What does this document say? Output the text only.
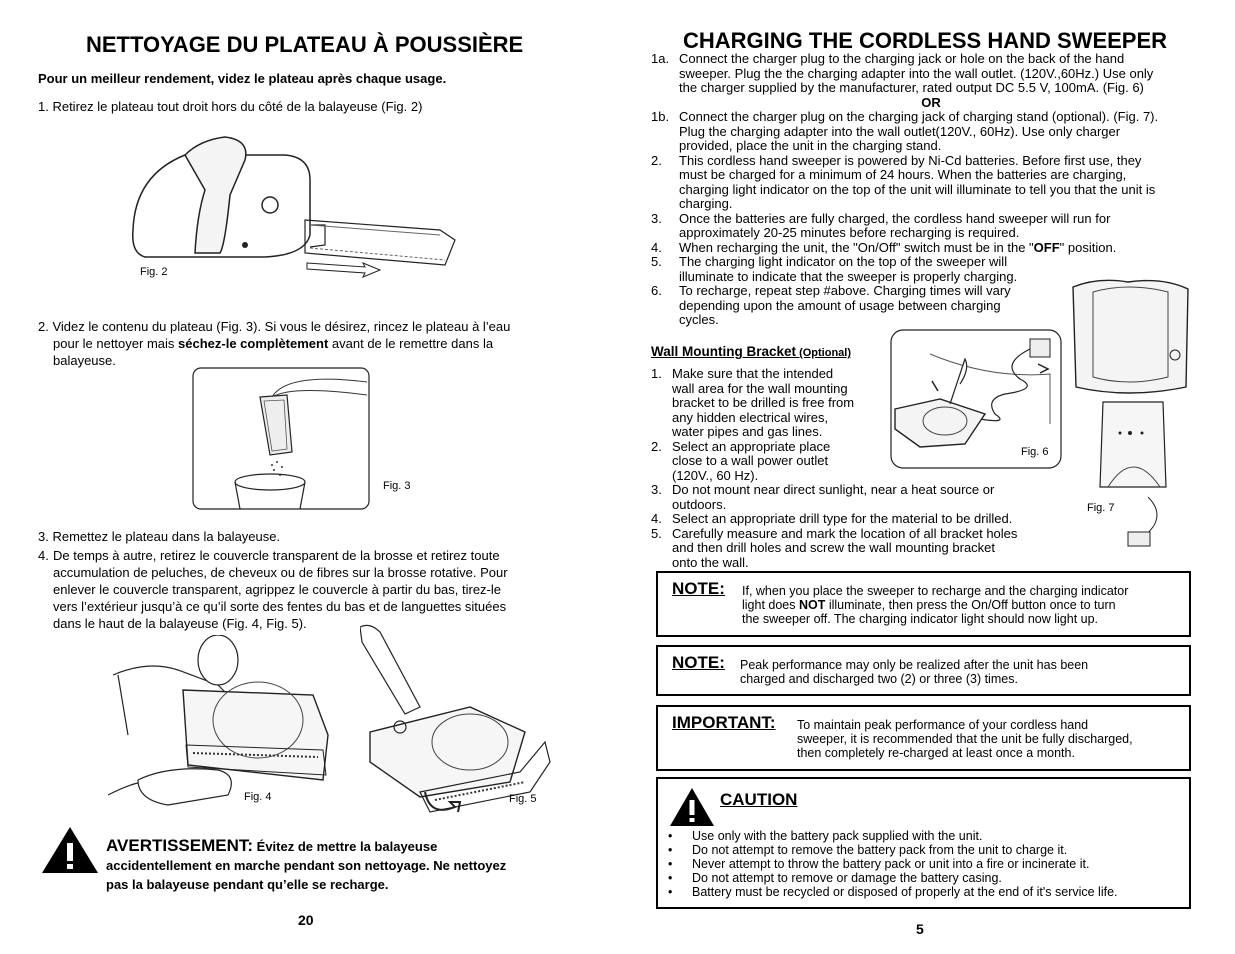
NETTOYAGE DU PLATEAU À POUSSIÈRE
Pour un meilleur rendement, videz le plateau après chaque usage.
1. Retirez le plateau tout droit hors du côté de la balayeuse (Fig. 2)
Fig. 2
2. Videz le contenu du plateau (Fig. 3). Si vous le désirez, rincez le plateau à l’eau
pour le nettoyer mais séchez-le complètement avant de le remettre dans la
balayeuse.
Fig. 3
3. Remettez le plateau dans la balayeuse.
4. De temps à autre, retirez le couvercle transparent de la brosse et retirez toute
accumulation de peluches, de cheveux ou de fibres sur la brosse rotative. Pour
enlever le couvercle transparent, agrippez le couvercle à partir du bas, tirez-le
vers l’extérieur jusqu’à ce qu’il sorte des fentes du bas et de languettes situées
dans le haut de la balayeuse (Fig. 4, Fig. 5).
Fig. 4	Fig. 5
AVERTISSEMENT: Évitez de mettre la balayeuse
accidentellement en marche pendant son nettoyage. Ne nettoyez
pas la balayeuse pendant qu’elle se recharge.
20
CHARGING THE CORDLESS HAND SWEEPER
1a. Connect the charger plug to the charging jack or hole on the back of the hand
sweeper. Plug the the charging adapter into the wall outlet. (120V.,60Hz.) Use only
the charger supplied by the manufacturer, rated output DC 5.5 V, 100mA. (Fig. 6)
OR
1b. Connect the charger plug on the charging jack of charging stand (optional). (Fig. 7).
Plug the charging adapter into the wall outlet(120V., 60Hz). Use only charger
provided, place the unit in the charging stand.
2.	This cordless hand sweeper is powered by Ni-Cd batteries. Before first use, they
must be charged for a minimum of 24 hours. When the batteries are charging,
charging light indicator on the top of the unit will illuminate to tell you that the unit is
charging.
3.	Once the batteries are fully charged, the cordless hand sweeper will run for
approximately 20-25 minutes before recharging is required.
4.	When recharging the unit, the "On/Off" switch must be in the "OFF" position.
5.	The charging light indicator on the top of the sweeper will
illuminate to indicate that the sweeper is properly charging.
6.	To recharge, repeat step #above. Charging times will vary
depending upon the amount of usage between charging
cycles.
Wall Mounting Bracket (Optional)
1. Make sure that the intended
wall area for the wall mounting
bracket to be drilled is free from
any hidden electrical wires,
water pipes and gas lines.
2. Select an appropriate place
close to a wall power outlet
(120V., 60 Hz).
3. Do not mount near direct sunlight, near a heat source or
outdoors.
4. Select an appropriate drill type for the material to be drilled.
5. Carefully measure and mark the location of all bracket holes
and then drill holes and screw the wall mounting bracket
onto the wall.
Fig. 6
Fig. 7
NOTE: If, when you place the sweeper to recharge and the charging indicator
light does NOT illuminate, then press the On/Off button once to turn
the sweeper off. The charging indicator light should now light up.
NOTE: Peak performance may only be realized after the unit has been
charged and discharged two (2) or three (3) times.
IMPORTANT: To maintain peak performance of your cordless hand
sweeper, it is recommended that the unit be fully discharged,
then completely re-charged at least once a month.
CAUTION
•	Use only with the battery pack supplied with the unit.
•	Do not attempt to remove the battery pack from the unit to charge it.
•	Never attempt to throw the battery pack or unit into a fire or incinerate it.
•	Do not attempt to remove or damage the battery casing.
•	Battery must be recycled or disposed of properly at the end of it's service life.
5
